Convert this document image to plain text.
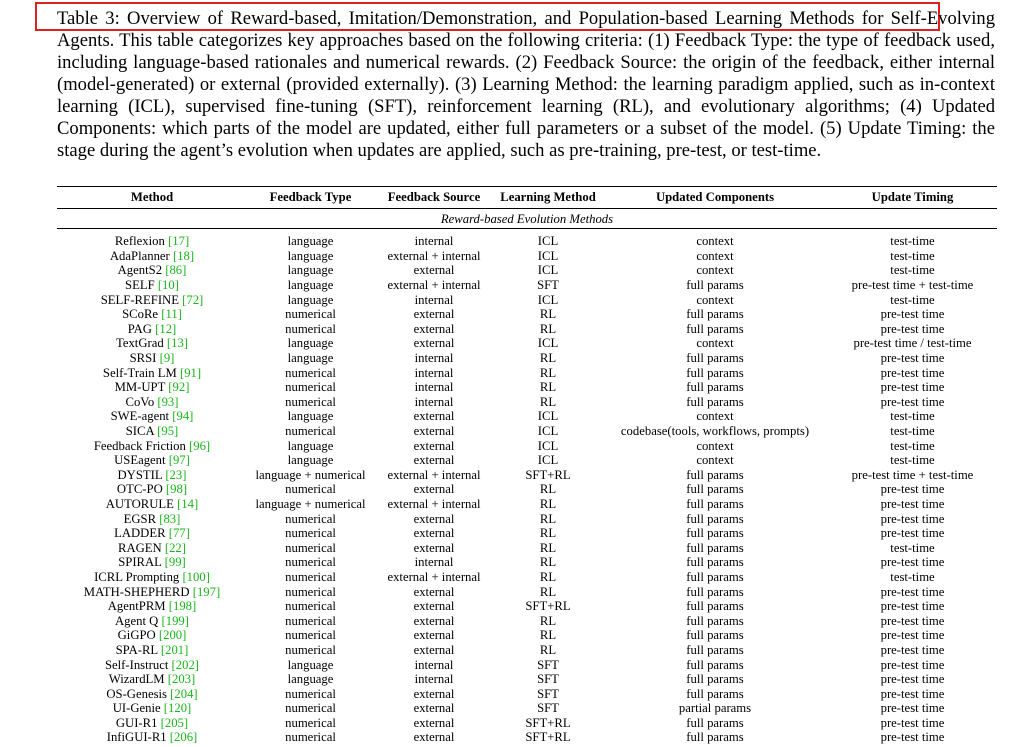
Table 3: Overview of Reward-based, Imitation/Demonstration, and Population-based Learning Methods for Self-Evolving Agents. This table categorizes key approaches based on the following criteria: (1) Feedback Type: the type of feedback used, including language-based rationales and numerical rewards. (2) Feedback Source: the origin of the feedback, either internal (model-generated) or external (provided externally). (3) Learning Method: the learning paradigm applied, such as in-context learning (ICL), supervised fine-tuning (SFT), reinforcement learning (RL), and evolutionary algorithms; (4) Updated Components: which parts of the model are updated, either full parameters or a subset of the model. (5) Update Timing: the stage during the agent’s evolution when updates are applied, such as pre-training, pre-test, or test-time.

Method	Feedback Type	Feedback Source	Learning Method	Updated Components	Update Timing
Reward-based Evolution Methods					

Reflexion [17]	language	internal	ICL	context	test-time
AdaPlanner [18]	language	external + internal	ICL	context	test-time
AgentS2 [86]	language	external	ICL	context	test-time
SELF [10]	language	external + internal	SFT	full params	pre-test time + test-time
SELF-REFINE [72]	language	internal	ICL	context	test-time
SCoRe [11]	numerical	external	RL	full params	pre-test time
PAG [12]	numerical	external	RL	full params	pre-test time
TextGrad [13]	language	external	ICL	context	pre-test time / test-time
SRSI [9]	language	internal	RL	full params	pre-test time
Self-Train LM [91]	numerical	internal	RL	full params	pre-test time
MM-UPT [92]	numerical	internal	RL	full params	pre-test time
CoVo [93]	numerical	internal	RL	full params	pre-test time
SWE-agent [94]	language	external	ICL	context	test-time
SICA [95]	numerical	external	ICL	codebase(tools, workflows, prompts)	test-time
Feedback Friction [96]	language	external	ICL	context	test-time
USEagent [97]	language	external	ICL	context	test-time
DYSTIL [23]	language + numerical	external + internal	SFT+RL	full params	pre-test time + test-time
OTC-PO [98]	numerical	external	RL	full params	pre-test time
AUTORULE [14]	language + numerical	external + internal	RL	full params	pre-test time
EGSR [83]	numerical	external	RL	full params	pre-test time
LADDER [77]	numerical	external	RL	full params	pre-test time
RAGEN [22]	numerical	external	RL	full params	test-time
SPIRAL [99]	numerical	internal	RL	full params	pre-test time
ICRL Prompting [100]	numerical	external + internal	RL	full params	test-time
MATH-SHEPHERD [197]	numerical	external	RL	full params	pre-test time
AgentPRM [198]	numerical	external	SFT+RL	full params	pre-test time
Agent Q [199]	numerical	external	RL	full params	pre-test time
GiGPO [200]	numerical	external	RL	full params	pre-test time
SPA-RL [201]	numerical	external	RL	full params	pre-test time
Self-Instruct [202]	language	internal	SFT	full params	pre-test time
WizardLM [203]	language	internal	SFT	full params	pre-test time
OS-Genesis [204]	numerical	external	SFT	full params	pre-test time
UI-Genie [120]	numerical	external	SFT	partial params	pre-test time
GUI-R1 [205]	numerical	external	SFT+RL	full params	pre-test time
InfiGUI-R1 [206]	numerical	external	SFT+RL	full params	pre-test time
